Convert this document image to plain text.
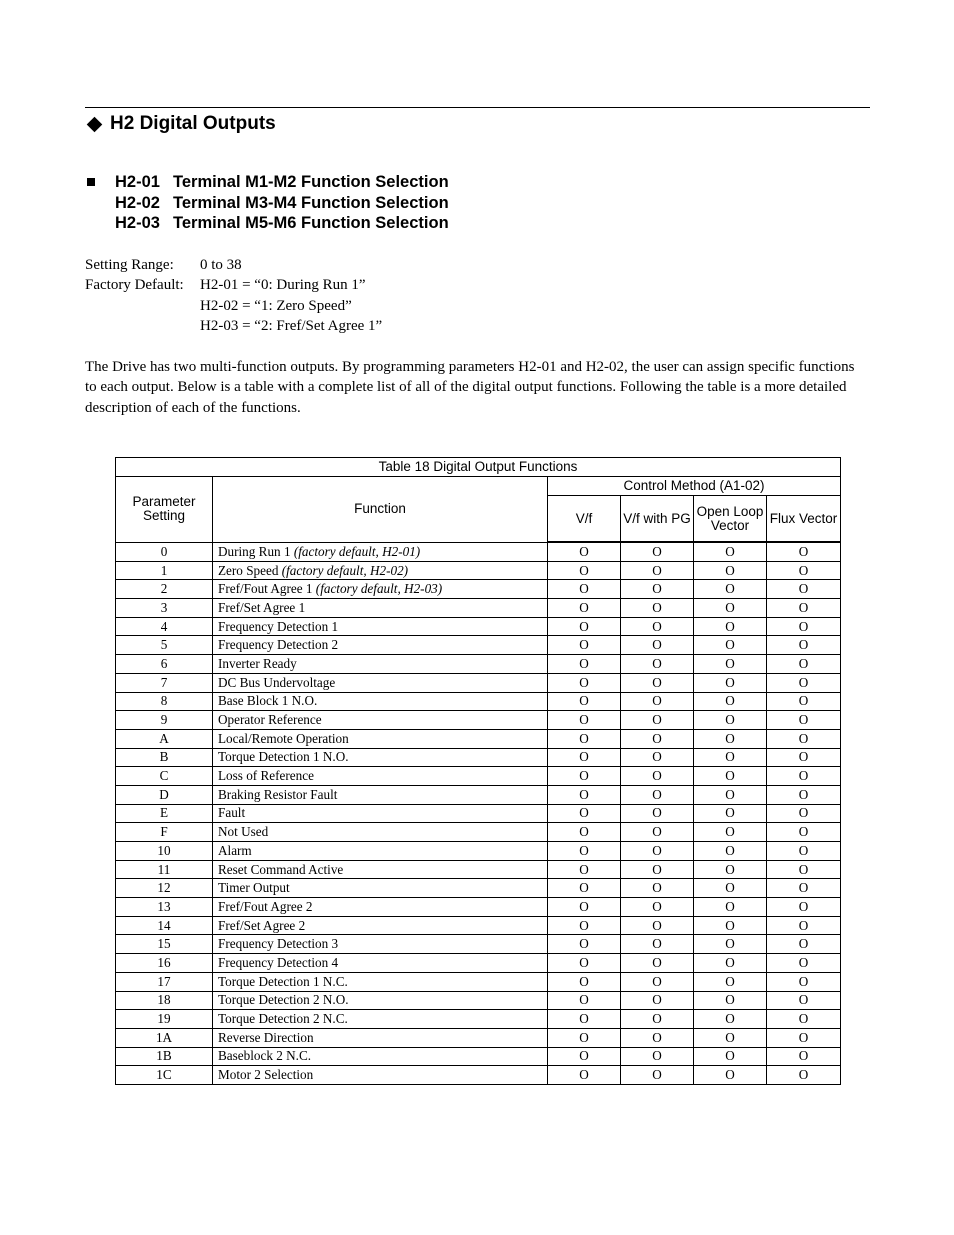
H2 Digital Outputs
H2-01 Terminal M1-M2 Function Selection
H2-02 Terminal M3-M4 Function Selection
H2-03 Terminal M5-M6 Function Selection
Setting Range:	0 to 38
Factory Default:	H2-01 = “0: During Run 1”
H2-02 = “1: Zero Speed”
H2-03 = “2: Fref/Set Agree 1”
The Drive has two multi-function outputs. By programming parameters H2-01 and H2-02, the user can assign specific functions to each output. Below is a table with a complete list of all of the digital output functions. Following the table is a more detailed description of each of the functions.
Table 18 Digital Output Functions					
Parameter Setting	Function	Control Method (A1-02)			
		V/f	V/f with PG	Open Loop Vector	Flux Vector
0	During Run 1 (factory default, H2-01)	O	O	O	O
1	Zero Speed (factory default, H2-02)	O	O	O	O
2	Fref/Fout Agree 1 (factory default, H2-03)	O	O	O	O
3	Fref/Set Agree 1	O	O	O	O
4	Frequency Detection 1	O	O	O	O
5	Frequency Detection 2	O	O	O	O
6	Inverter Ready	O	O	O	O
7	DC Bus Undervoltage	O	O	O	O
8	Base Block 1 N.O.	O	O	O	O
9	Operator Reference	O	O	O	O
A	Local/Remote Operation	O	O	O	O
B	Torque Detection 1 N.O.	O	O	O	O
C	Loss of Reference	O	O	O	O
D	Braking Resistor Fault	O	O	O	O
E	Fault	O	O	O	O
F	Not Used	O	O	O	O
10	Alarm	O	O	O	O
11	Reset Command Active	O	O	O	O
12	Timer Output	O	O	O	O
13	Fref/Fout Agree 2	O	O	O	O
14	Fref/Set Agree 2	O	O	O	O
15	Frequency Detection 3	O	O	O	O
16	Frequency Detection 4	O	O	O	O
17	Torque Detection 1 N.C.	O	O	O	O
18	Torque Detection 2 N.O.	O	O	O	O
19	Torque Detection 2 N.C.	O	O	O	O
1A	Reverse Direction	O	O	O	O
1B	Baseblock 2 N.C.	O	O	O	O
1C	Motor 2 Selection	O	O	O	O
